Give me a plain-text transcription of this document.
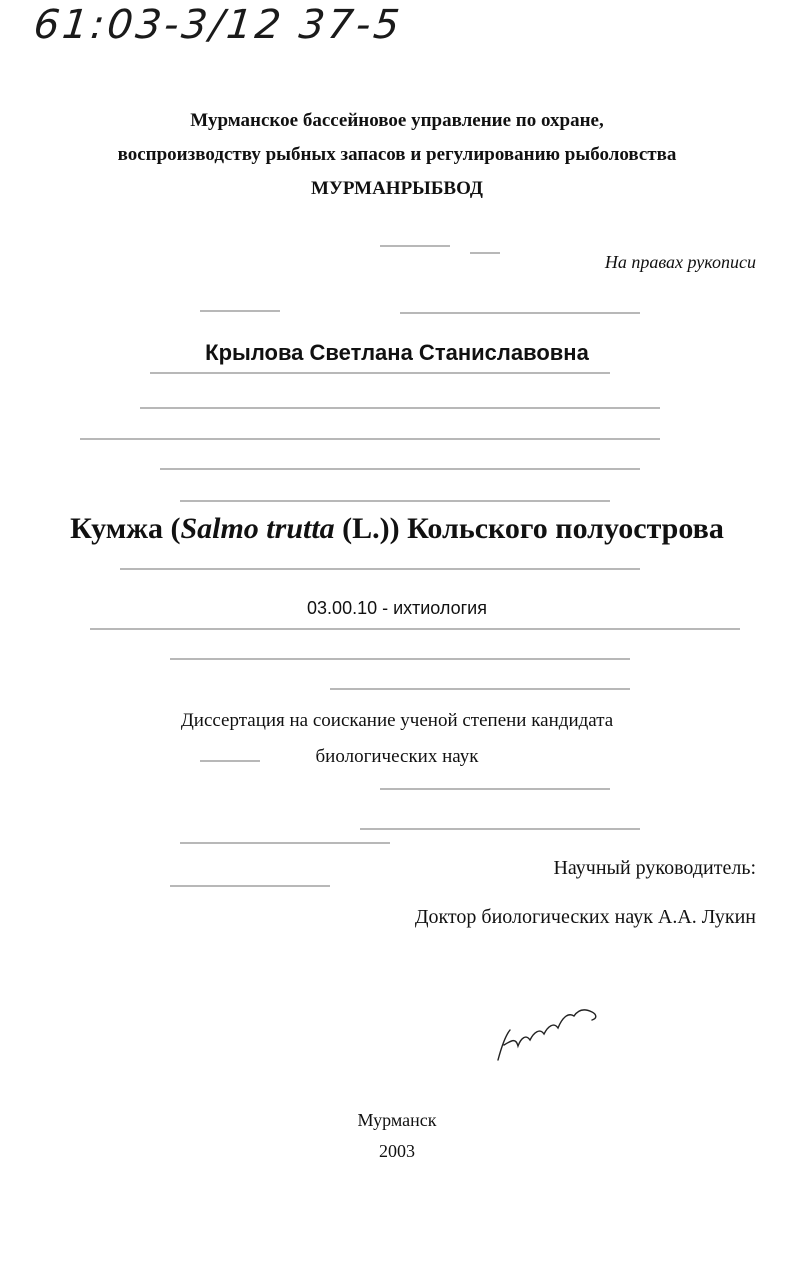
61:03-3/12 37-5
Мурманское бассейновое управление по охране,
воспроизводству рыбных запасов и регулированию рыболовства
МУРМАНРЫБВОД
На правах рукописи
Крылова Светлана Станиславовна
Кумжа (Salmo trutta (L.)) Кольского полуострова
03.00.10 - ихтиология
Диссертация на соискание ученой степени кандидата
биологических наук
Научный руководитель:
Доктор биологических наук А.А. Лукин
Мурманск
2003
